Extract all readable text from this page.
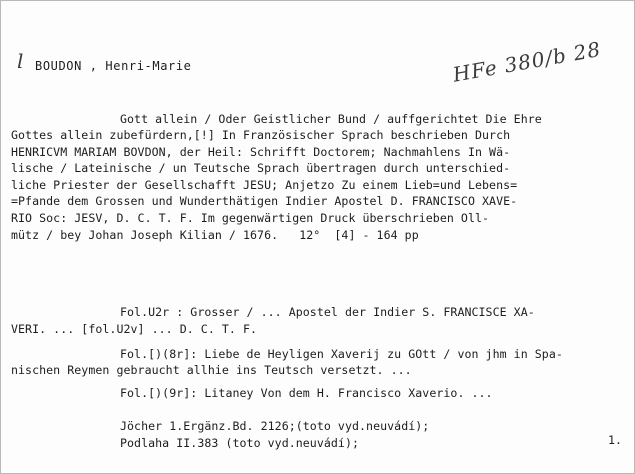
l BOUDON , Henri-Marie	HFe 380/b 28
Gott allein / Oder Geistlicher Bund / auffgerichtet Die Ehre
Gottes allein zubefürdern,[!] In Französischer Sprach beschrieben Durch
HENRICVM MARIAM BOVDON, der Heil: Schrifft Doctorem; Nachmahlens In Wä-
lische / Lateinische / un Teutsche Sprach übertragen durch unterschied-
liche Priester der Gesellschafft JESU; Anjetzo Zu einem Lieb=und Lebens=
=Pfande dem Grossen und Wunderthätigen Indier Apostel D. FRANCISCO XAVE-
RIO Soc: JESV, D. C. T. F. Im gegenwärtigen Druck überschrieben Oll-
mütz / bey Johan Joseph Kilian / 1676.   12°  [4] - 164 pp
Fol.U2r : Grosser / ... Apostel der Indier S. FRANCISCE XA-
VERI. ... [fol.U2v] ... D. C. T. F.
Fol.[)(8r]: Liebe de Heyligen Xaverij zu GOtt / von jhm in Spa-
nischen Reymen gebraucht allhie ins Teutsch versetzt. ...
Fol.[)(9r]: Litaney Von dem H. Francisco Xaverio. ...
Jöcher 1.Ergänz.Bd. 2126;(toto vyd.neuvádí);
Podlaha II.383 (toto vyd.neuvádí);	1.
